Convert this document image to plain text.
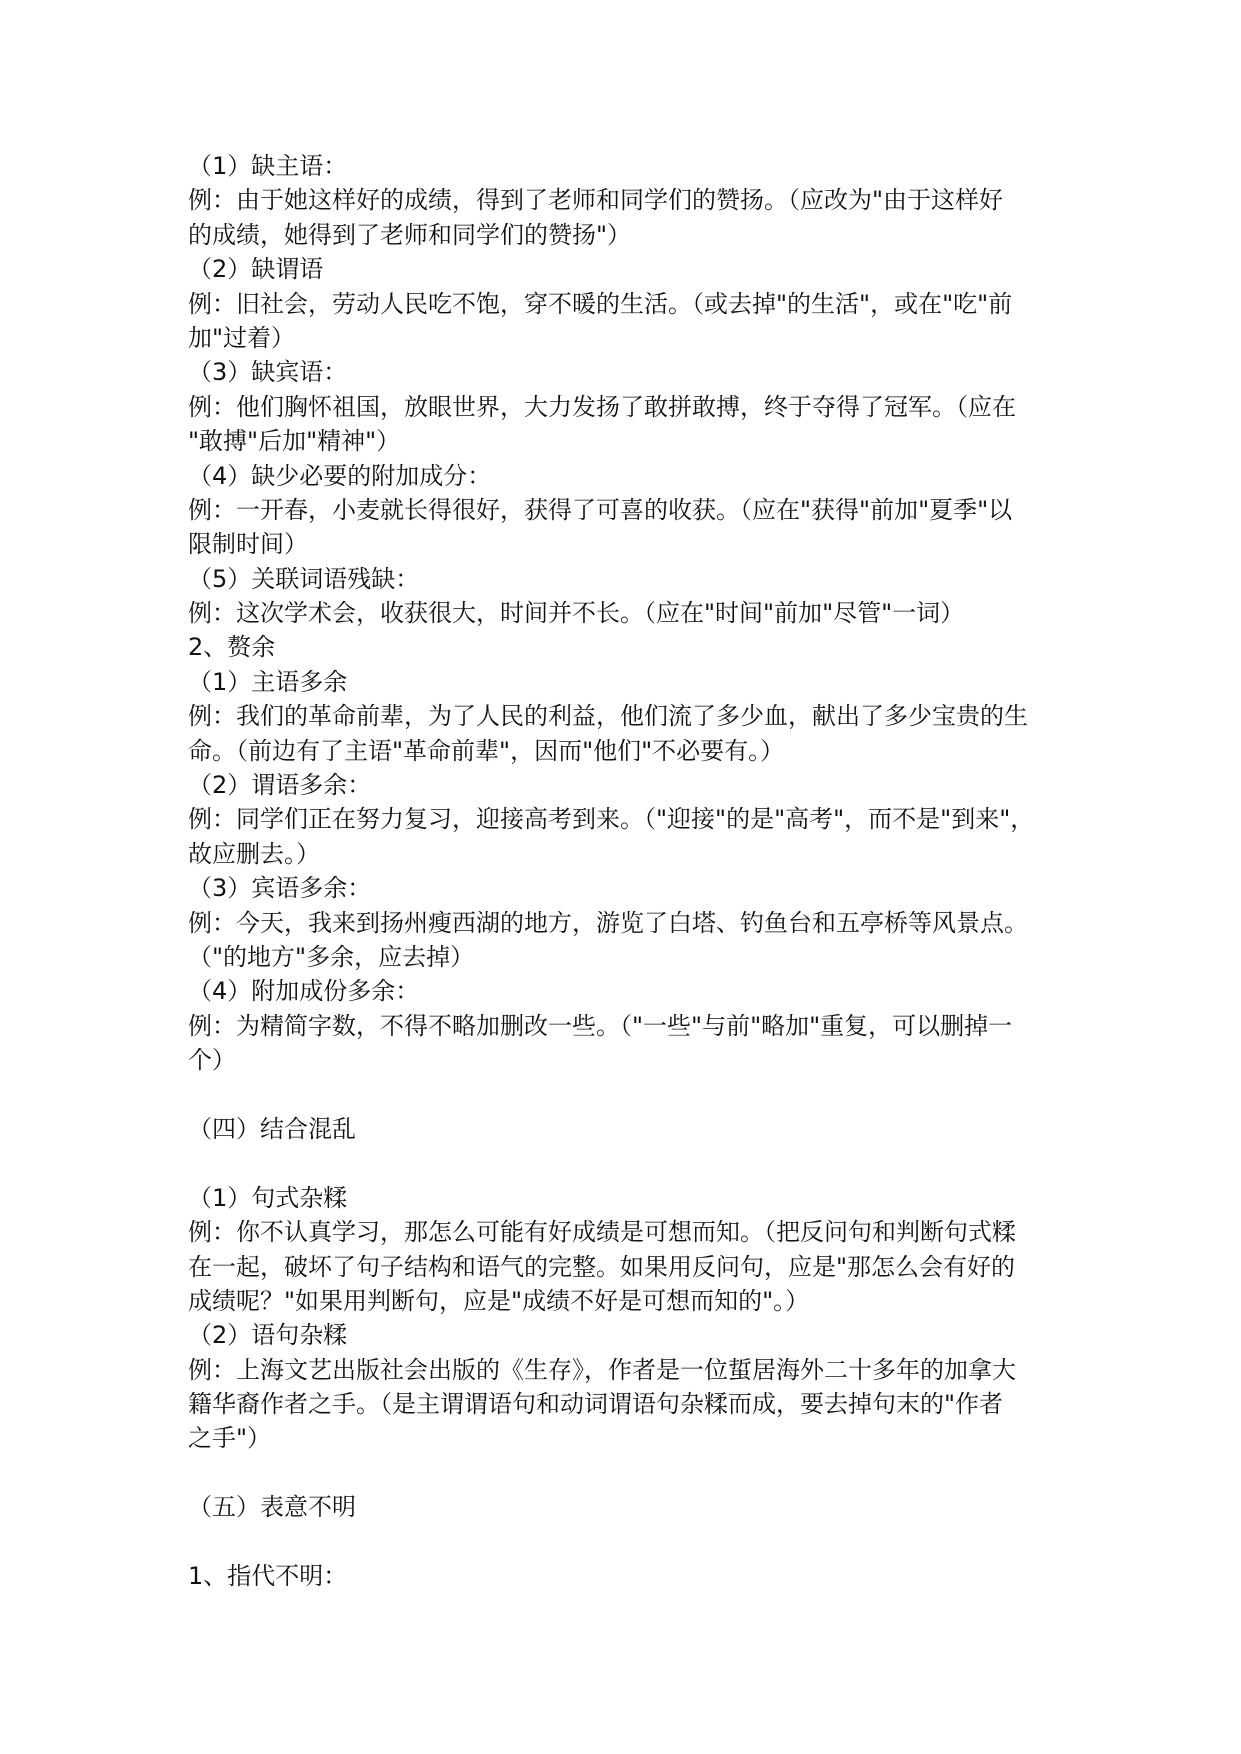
（1）缺主语：
例：由于她这样好的成绩，得到了老师和同学们的赞扬。（应改为"由于这样好
的成绩，她得到了老师和同学们的赞扬"）
（2）缺谓语
例：旧社会，劳动人民吃不饱，穿不暖的生活。（或去掉"的生活"，或在"吃"前
加"过着）
（3）缺宾语：
例：他们胸怀祖国，放眼世界，大力发扬了敢拼敢搏，终于夺得了冠军。（应在
"敢搏"后加"精神"）
（4）缺少必要的附加成分：
例：一开春，小麦就长得很好，获得了可喜的收获。（应在"获得"前加"夏季"以
限制时间）
（5）关联词语残缺：
例：这次学术会，收获很大，时间并不长。（应在"时间"前加"尽管"一词）
2、赘余
（1）主语多余
例：我们的革命前辈，为了人民的利益，他们流了多少血，献出了多少宝贵的生
命。（前边有了主语"革命前辈"，因而"他们"不必要有。）
（2）谓语多余：
例：同学们正在努力复习，迎接高考到来。（"迎接"的是"高考"，而不是"到来"，
故应删去。）
（3）宾语多余：
例：今天，我来到扬州瘦西湖的地方，游览了白塔、钓鱼台和五亭桥等风景点。
（"的地方"多余，应去掉）
（4）附加成份多余：
例：为精简字数，不得不略加删改一些。（"一些"与前"略加"重复，可以删掉一
个）
（四）结合混乱
（1）句式杂糅
例：你不认真学习，那怎么可能有好成绩是可想而知。（把反问句和判断句式糅
在一起，破坏了句子结构和语气的完整。如果用反问句，应是"那怎么会有好的
成绩呢？"如果用判断句，应是"成绩不好是可想而知的"。）
（2）语句杂糅
例：上海文艺出版社会出版的《生存》，作者是一位蜇居海外二十多年的加拿大
籍华裔作者之手。（是主谓谓语句和动词谓语句杂糅而成，要去掉句末的"作者
之手"）
（五）表意不明
1、指代不明：
